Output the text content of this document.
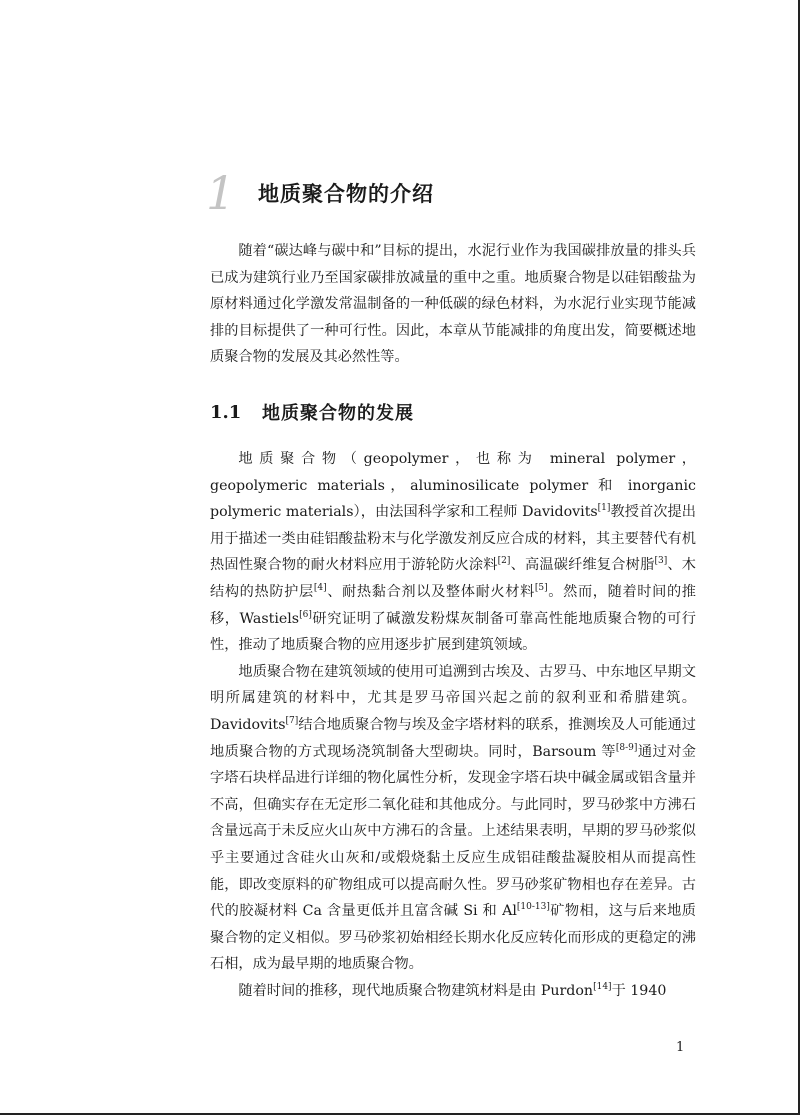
1	地质聚合物的介绍

随着“碳达峰与碳中和”目标的提出，水泥行业作为我国碳排放量的排头兵已成为建筑行业乃至国家碳排放减量的重中之重。地质聚合物是以硅铝酸盐为原材料通过化学激发常温制备的一种低碳的绿色材料，为水泥行业实现节能减排的目标提供了一种可行性。因此，本章从节能减排的角度出发，简要概述地质聚合物的发展及其必然性等。

1.1	地质聚合物的发展

地质聚合物（geopolymer，也称为 mineral polymer，geopolymeric materials，aluminosilicate polymer 和 inorganic polymeric materials），由法国科学家和工程师 Davidovits[1]教授首次提出用于描述一类由硅铝酸盐粉末与化学激发剂反应合成的材料，其主要替代有机热固性聚合物的耐火材料应用于游轮防火涂料[2]、高温碳纤维复合树脂[3]、木结构的热防护层[4]、耐热黏合剂以及整体耐火材料[5]。然而，随着时间的推移，Wastiels[6]研究证明了碱激发粉煤灰制备可靠高性能地质聚合物的可行性，推动了地质聚合物的应用逐步扩展到建筑领域。

地质聚合物在建筑领域的使用可追溯到古埃及、古罗马、中东地区早期文明所属建筑的材料中，尤其是罗马帝国兴起之前的叙利亚和希腊建筑。Davidovits[7]结合地质聚合物与埃及金字塔材料的联系，推测埃及人可能通过地质聚合物的方式现场浇筑制备大型砌块。同时，Barsoum 等[8-9]通过对金字塔石块样品进行详细的物化属性分析，发现金字塔石块中碱金属或铝含量并不高，但确实存在无定形二氧化硅和其他成分。与此同时，罗马砂浆中方沸石含量远高于未反应火山灰中方沸石的含量。上述结果表明，早期的罗马砂浆似乎主要通过含硅火山灰和/或煅烧黏土反应生成铝硅酸盐凝胶相从而提高性能，即改变原料的矿物组成可以提高耐久性。罗马砂浆矿物相也存在差异。古代的胶凝材料 Ca 含量更低并且富含碱 Si 和 Al[10-13]矿物相，这与后来地质聚合物的定义相似。罗马砂浆初始相经长期水化反应转化而形成的更稳定的沸石相，成为最早期的地质聚合物。

随着时间的推移，现代地质聚合物建筑材料是由 Purdon[14]于 1940

1
